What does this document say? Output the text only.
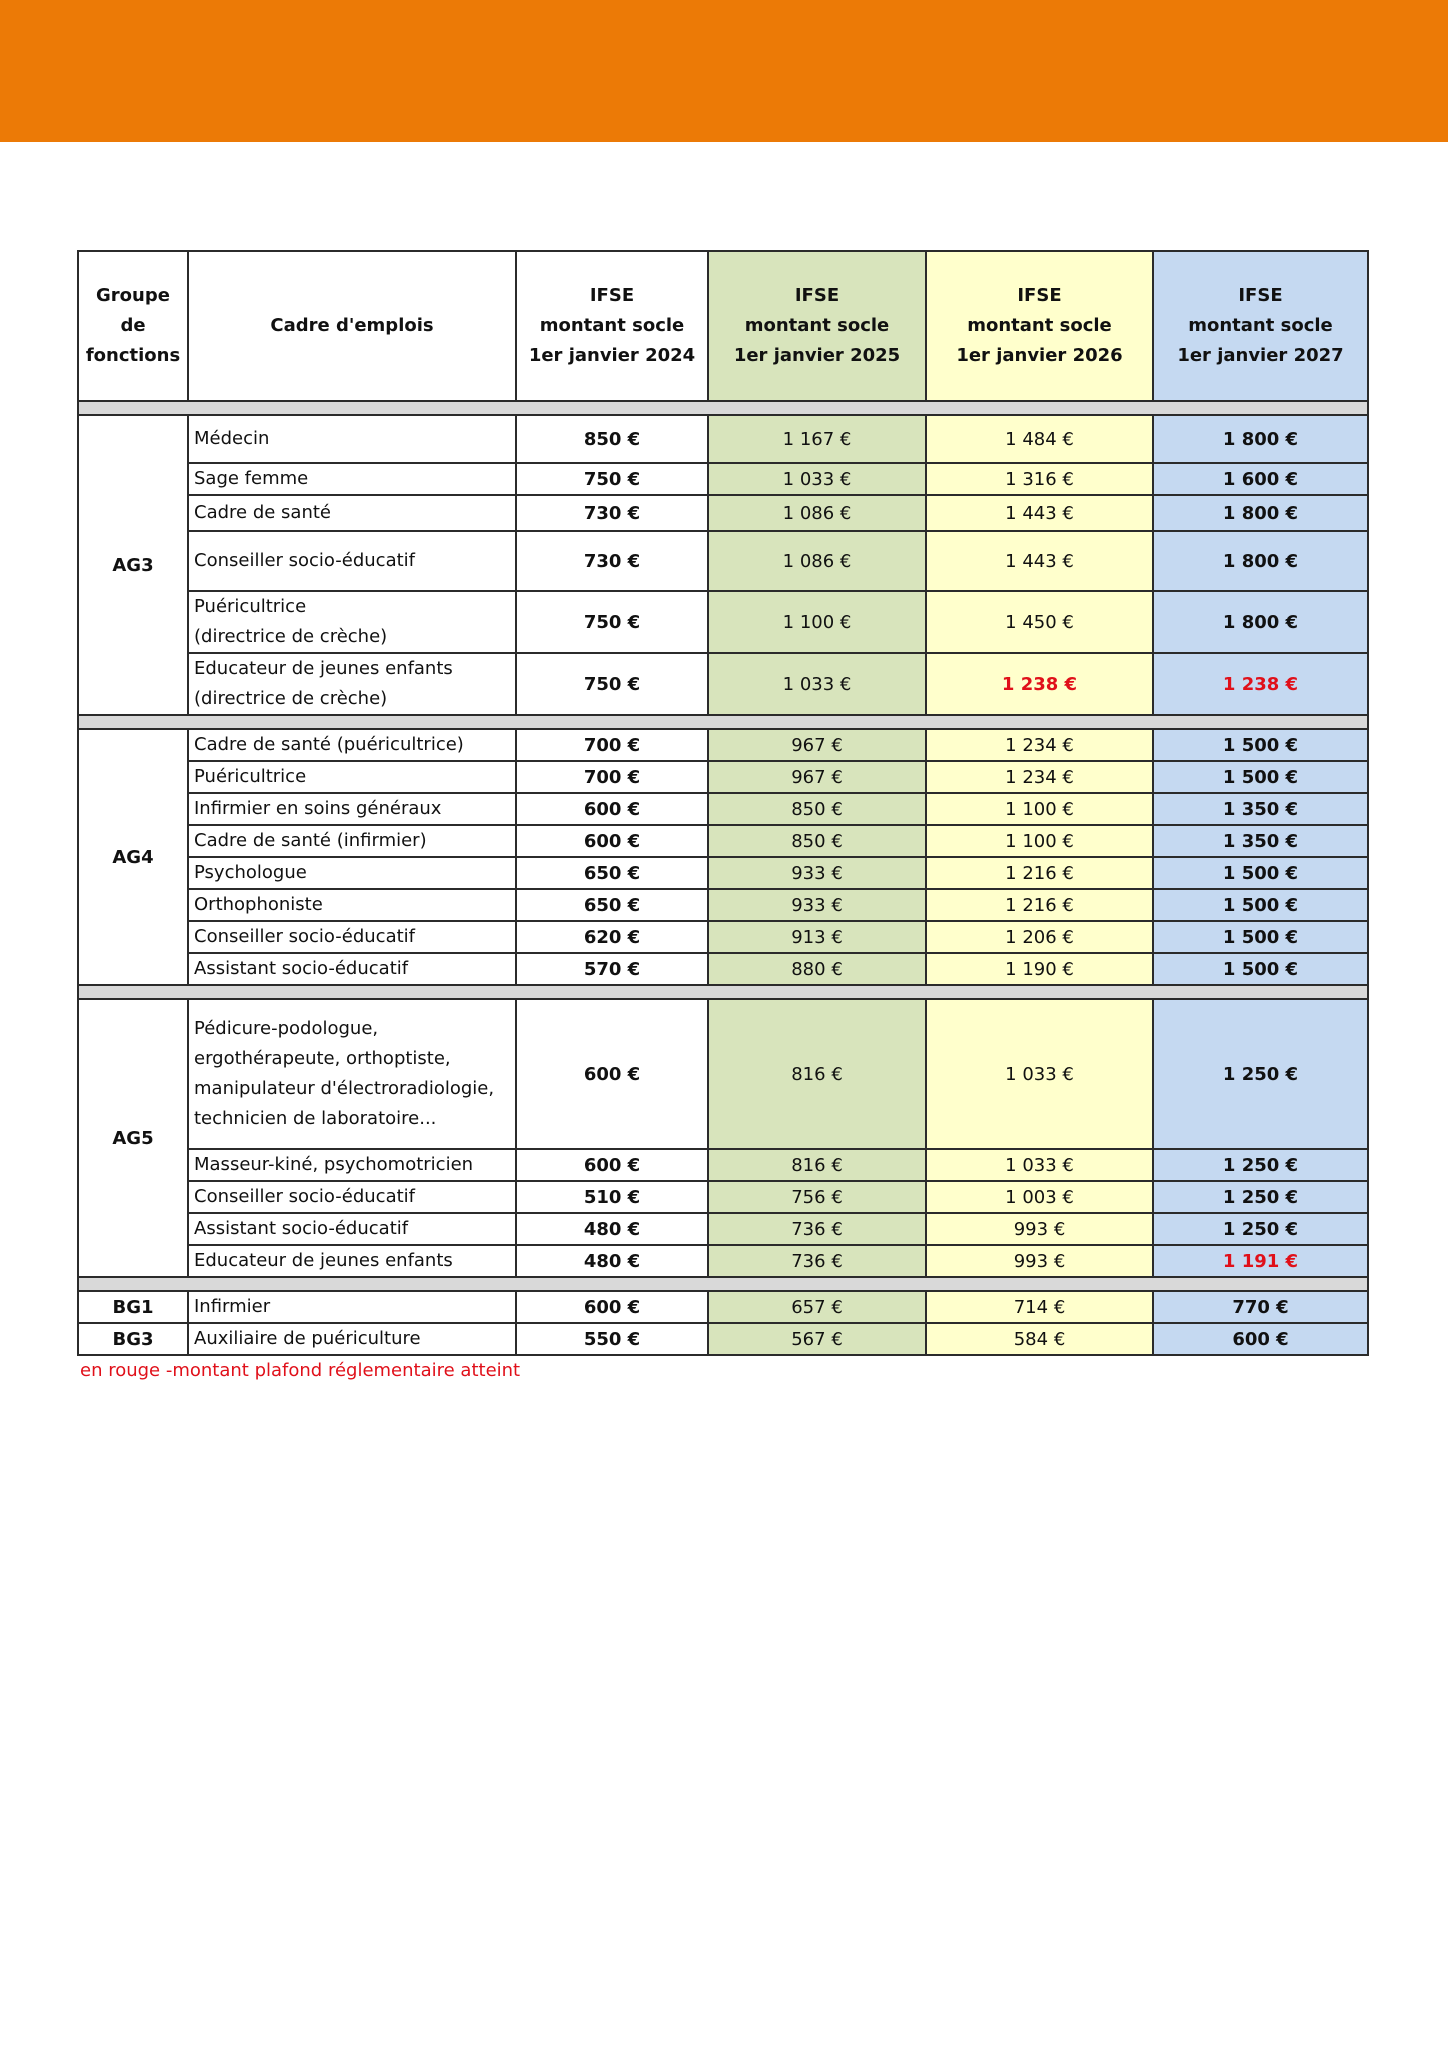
Groupe de
fonctions	Cadre d'emplois	IFSE
montant socle
1er janvier 2024	IFSE
montant socle
1er janvier 2025	IFSE
montant socle
1er janvier 2026	IFSE
montant socle
1er janvier 2027

AG3	Médecin	850 €	1 167 €	1 484 €	1 800 €
	Sage femme	750 €	1 033 €	1 316 €	1 600 €
	Cadre de santé	730 €	1 086 €	1 443 €	1 800 €
	Conseiller socio-éducatif	730 €	1 086 €	1 443 €	1 800 €

	Puéricultrice
(directrice de crèche)	750 €	1 100 €	1 450 €	1 800 €

	Educateur de jeunes enfants
(directrice de crèche)	750 €	1 033 €	1 238 €	1 238 €

AG4	Cadre de santé (puéricultrice)	700 €	967 €	1 234 €	1 500 €
	Puéricultrice	700 €	967 €	1 234 €	1 500 €
	Infirmier en soins généraux	600 €	850 €	1 100 €	1 350 €
	Cadre de santé (infirmier)	600 €	850 €	1 100 €	1 350 €
	Psychologue	650 €	933 €	1 216 €	1 500 €
	Orthophoniste	650 €	933 €	1 216 €	1 500 €
	Conseiller socio-éducatif	620 €	913 €	1 206 €	1 500 €
	Assistant socio-éducatif	570 €	880 €	1 190 €	1 500 €

AG5	Pédicure-podologue,
ergothérapeute, orthoptiste,
manipulateur d'électroradiologie,
technicien de laboratoire...	600 €	816 €	1 033 €	1 250 €
	Masseur-kiné, psychomotricien	600 €	816 €	1 033 €	1 250 €
	Conseiller socio-éducatif	510 €	756 €	1 003 €	1 250 €
	Assistant socio-éducatif	480 €	736 €	993 €	1 250 €
	Educateur de jeunes enfants	480 €	736 €	993 €	1 191 €

BG1	Infirmier	600 €	657 €	714 €	770 €
BG3	Auxiliaire de puériculture	550 €	567 €	584 €	600 €
en rouge -montant plafond réglementaire atteint
